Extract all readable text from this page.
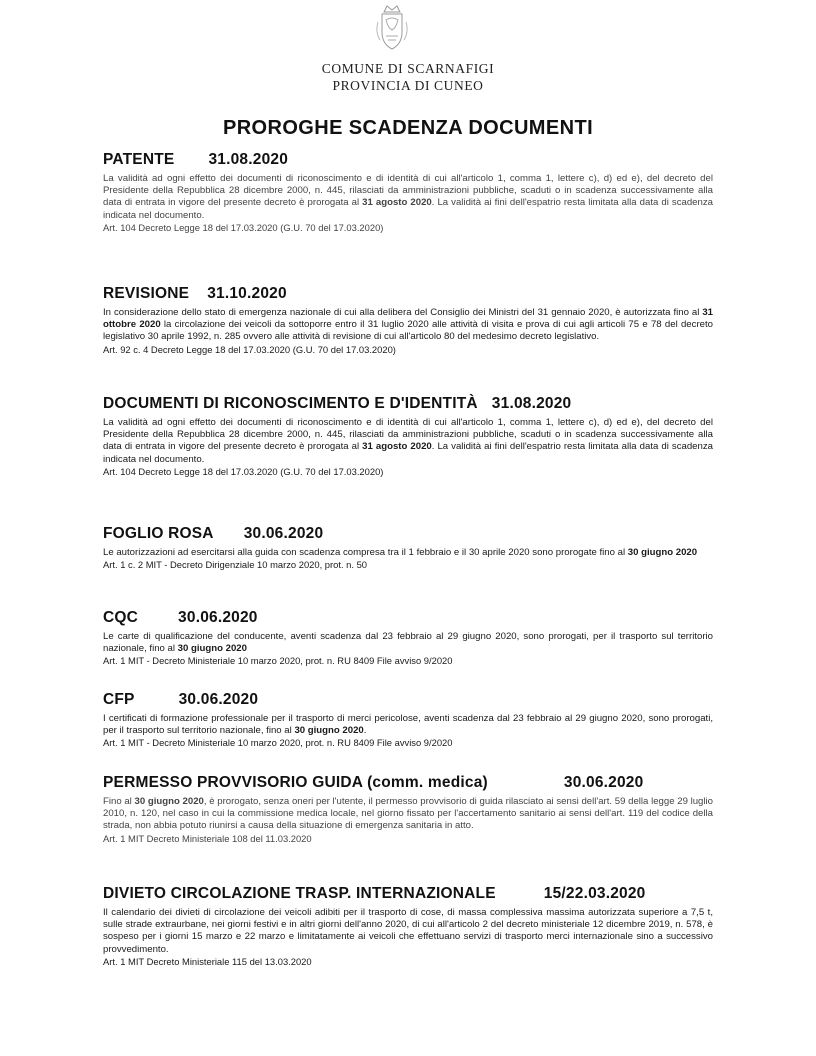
COMUNE DI SCARNAFIGI
PROVINCIA DI CUNEO
PROROGHE SCADENZA DOCUMENTI
PATENTE 31.08.2020
La validità ad ogni effetto dei documenti di riconoscimento e di identità di cui all'articolo 1, comma 1, lettere c), d) ed e), del decreto del Presidente della Repubblica 28 dicembre 2000, n. 445, rilasciati da amministrazioni pubbliche, scaduti o in scadenza successivamente alla data di entrata in vigore del presente decreto è prorogata al 31 agosto 2020. La validità ai fini dell'espatrio resta limitata alla data di scadenza indicata nel documento.
Art. 104 Decreto Legge 18 del 17.03.2020 (G.U. 70 del 17.03.2020)
REVISIONE 31.10.2020
In considerazione dello stato di emergenza nazionale di cui alla delibera del Consiglio dei Ministri del 31 gennaio 2020, è autorizzata fino al 31 ottobre 2020 la circolazione dei veicoli da sottoporre entro il 31 luglio 2020 alle attività di visita e prova di cui agli articoli 75 e 78 del decreto legislativo 30 aprile 1992, n. 285 ovvero alle attività di revisione di cui all'articolo 80 del medesimo decreto legislativo.
Art. 92 c. 4 Decreto Legge 18 del 17.03.2020 (G.U. 70 del 17.03.2020)
DOCUMENTI DI RICONOSCIMENTO E D'IDENTITÀ 31.08.2020
La validità ad ogni effetto dei documenti di riconoscimento e di identità di cui all'articolo 1, comma 1, lettere c), d) ed e), del decreto del Presidente della Repubblica 28 dicembre 2000, n. 445, rilasciati da amministrazioni pubbliche, scaduti o in scadenza successivamente alla data di entrata in vigore del presente decreto è prorogata al 31 agosto 2020. La validità ai fini dell'espatrio resta limitata alla data di scadenza indicata nel documento.
Art. 104 Decreto Legge 18 del 17.03.2020 (G.U. 70 del 17.03.2020)
FOGLIO ROSA 30.06.2020
Le autorizzazioni ad esercitarsi alla guida con scadenza compresa tra il 1 febbraio e il 30 aprile 2020 sono prorogate fino al 30 giugno 2020
Art. 1 c. 2 MIT - Decreto Dirigenziale 10 marzo 2020, prot. n. 50
CQC	30.06.2020
Le carte di qualificazione del conducente, aventi scadenza dal 23 febbraio al 29 giugno 2020, sono prorogati, per il trasporto sul territorio nazionale, fino al 30 giugno 2020
Art. 1 MIT - Decreto Ministeriale 10 marzo 2020, prot. n. RU 8409 File avviso 9/2020
CFP	30.06.2020
I certificati di formazione professionale per il trasporto di merci pericolose, aventi scadenza dal 23 febbraio al 29 giugno 2020, sono prorogati, per il trasporto sul territorio nazionale, fino al 30 giugno 2020.
Art. 1 MIT - Decreto Ministeriale 10 marzo 2020, prot. n. RU 8409 File avviso 9/2020
PERMESSO PROVVISORIO GUIDA (comm. medica)	30.06.2020
Fino al 30 giugno 2020, è prorogato, senza oneri per l'utente, il permesso provvisorio di guida rilasciato ai sensi dell'art. 59 della legge 29 luglio 2010, n. 120, nel caso in cui la commissione medica locale, nel giorno fissato per l'accertamento sanitario ai sensi dell'art. 119 del codice della strada, non abbia potuto riunirsi a causa della situazione di emergenza sanitaria in atto.
Art. 1 MIT Decreto Ministeriale 108 del 11.03.2020
DIVIETO CIRCOLAZIONE TRASP. INTERNAZIONALE	15/22.03.2020
Il calendario dei divieti di circolazione dei veicoli adibiti per il trasporto di cose, di massa complessiva massima autorizzata superiore a 7,5 t, sulle strade extraurbane, nei giorni festivi e in altri giorni dell'anno 2020, di cui all'articolo 2 del decreto ministeriale 12 dicembre 2019, n. 578, è sospeso per i giorni 15 marzo e 22 marzo e limitatamente ai veicoli che effettuano servizi di trasporto merci internazionale sino a successivo provvedimento.
Art. 1 MIT Decreto Ministeriale 115 del 13.03.2020
